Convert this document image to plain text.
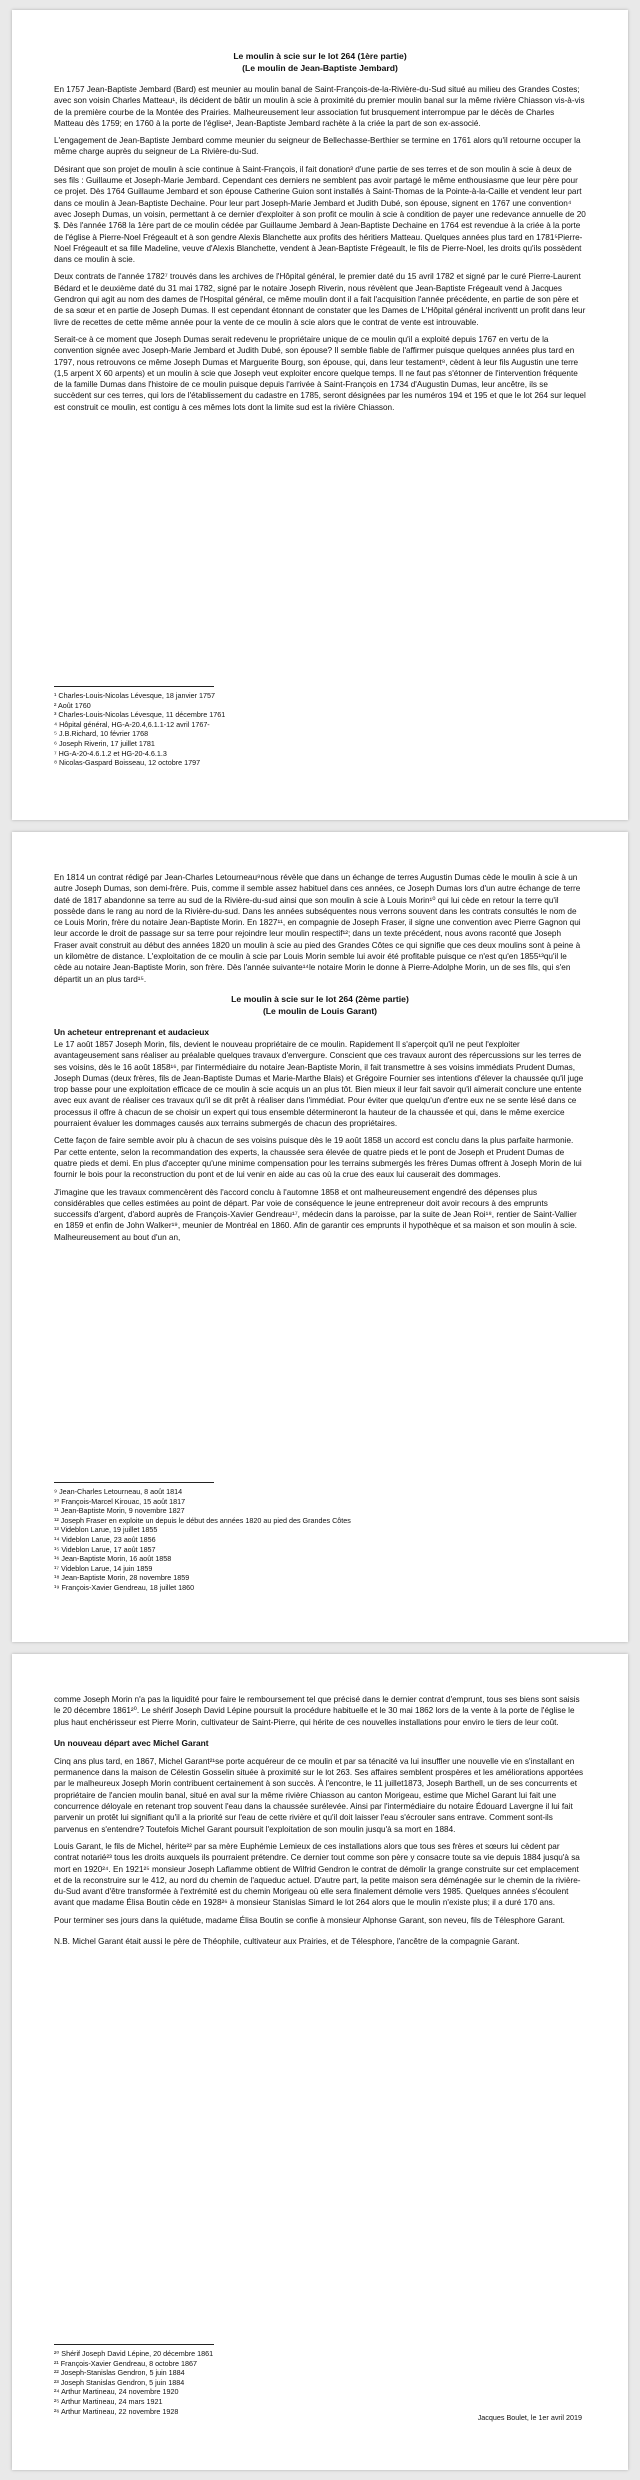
Le moulin à scie sur le lot 264 (1ère partie)
(Le moulin de Jean-Baptiste Jembard)

En 1757 Jean-Baptiste Jembard (Bard) est meunier au moulin banal de Saint-François-de-la-Rivière-du-Sud situé au milieu des Grandes Costes; avec son voisin Charles Matteau¹, ils décident de bâtir un moulin à scie à proximité du premier moulin banal sur la même rivière Chiasson vis-à-vis de la première courbe de la Montée des Prairies. Malheureusement leur association fut brusquement interrompue par le décès de Charles Matteau dès 1759; en 1760 à la porte de l'église², Jean-Baptiste Jembard rachète à la criée la part de son ex-associé.

L'engagement de Jean-Baptiste Jembard comme meunier du seigneur de Bellechasse-Berthier se termine en 1761 alors qu'il retourne occuper la même charge auprès du seigneur de La Rivière-du-Sud.

Désirant que son projet de moulin à scie continue à Saint-François, il fait donation³ d'une partie de ses terres et de son moulin à scie à deux de ses fils : Guillaume et Joseph-Marie Jembard. Cependant ces derniers ne semblent pas avoir partagé le même enthousiasme que leur père pour ce projet. Dès 1764 Guillaume Jembard et son épouse Catherine Guion sont installés à Saint-Thomas de la Pointe-à-la-Caille et vendent leur part dans ce moulin à Jean-Baptiste Dechaine. Pour leur part Joseph-Marie Jembard et Judith Dubé, son épouse, signent en 1767 une convention⁴ avec Joseph Dumas, un voisin, permettant à ce dernier d'exploiter à son profit ce moulin à scie à condition de payer une redevance annuelle de 20 $. Dès l'année 1768 la 1ère part de ce moulin cédée par Guillaume Jembard à Jean-Baptiste Dechaine en 1764 est revendue à la criée à la porte de l'église à Pierre-Noel Frégeault et à son gendre Alexis Blanchette aux profits des héritiers Matteau. Quelques années plus tard en 1781⁵Pierre-Noel Frégeault et sa fille Madeline, veuve d'Alexis Blanchette, vendent à Jean-Baptiste Frégeault, le fils de Pierre-Noel, les droits qu'ils possèdent dans ce moulin à scie.

Deux contrats de l'année 1782⁷ trouvés dans les archives de l'Hôpital général, le premier daté du 15 avril 1782 et signé par le curé Pierre-Laurent Bédard et le deuxième daté du 31 mai 1782, signé par le notaire Joseph Riverin, nous révèlent que Jean-Baptiste Frégeault vend à Jacques Gendron qui agit au nom des dames de l'Hospital général, ce même moulin dont il a fait l'acquisition l'année précédente, en partie de son père et de sa sœur et en partie de Joseph Dumas. Il est cependant étonnant de constater que les Dames de L'Hôpital général incriventt un profit dans leur livre de recettes de cette même année pour la vente de ce moulin à scie alors que le contrat de vente est introuvable.

Serait-ce à ce moment que Joseph Dumas serait redevenu le propriétaire unique de ce moulin qu'il a exploité depuis 1767 en vertu de la convention signée avec Joseph-Marie Jembard et Judith Dubé, son épouse? Il semble fiable de l'affirmer puisque quelques années plus tard en 1797, nous retrouvons ce même Joseph Dumas et Marguerite Bourg, son épouse, qui, dans leur testament⁸, cèdent à leur fils Augustin une terre (1,5 arpent X 60 arpents) et un moulin à scie que Joseph veut exploiter encore quelque temps. Il ne faut pas s'étonner de l'intervention fréquente de la famille Dumas dans l'histoire de ce moulin puisque depuis l'arrivée à Saint-François en 1734 d'Augustin Dumas, leur ancêtre, ils se succèdent sur ces terres, qui lors de l'établissement du cadastre en 1785, seront désignées par les numéros 194 et 195 et que le lot 264 sur lequel est construit ce moulin, est contigu à ces mêmes lots dont la limite sud est la rivière Chiasson.

¹ Charles-Louis-Nicolas Lévesque, 18 janvier 1757
² Août 1760
³ Charles-Louis-Nicolas Lévesque, 11 décembre 1761
⁴ Hôpital général, HG-A-20.4,6.1.1-12 avril 1767-
⁵ J.B.Richard, 10 février 1768
⁶ Joseph Riverin, 17 juillet 1781
⁷ HG-A-20-4.6.1.2 et HG-20-4.6.1.3
⁸ Nicolas-Gaspard Boisseau, 12 octobre 1797

En 1814 un contrat rédigé par Jean-Charles Letourneau⁹nous révèle que dans un échange de terres Augustin Dumas cède le moulin à scie à un autre Joseph Dumas, son demi-frère. Puis, comme il semble assez habituel dans ces années, ce Joseph Dumas lors d'un autre échange de terre daté de 1817 abandonne sa terre au sud de la Rivière-du-sud ainsi que son moulin à scie à Louis Morin¹⁰ qui lui cède en retour la terre qu'il possède dans le rang au nord de la Rivière-du-sud. Dans les années subséquentes nous verrons souvent dans les contrats consultés le nom de ce Louis Morin, frère du notaire Jean-Baptiste Morin. En 1827¹¹, en compagnie de Joseph Fraser, il signe une convention avec Pierre Gagnon qui leur accorde le droit de passage sur sa terre pour rejoindre leur moulin respectif¹²; dans un texte précédent, nous avons raconté que Joseph Fraser avait construit au début des années 1820 un moulin à scie au pied des Grandes Côtes ce qui signifie que ces deux moulins sont à peine à un kilomètre de distance. L'exploitation de ce moulin à scie par Louis Morin semble lui avoir été profitable puisque ce n'est qu'en 1855¹³qu'il le cède au notaire Jean-Baptiste Morin, son frère. Dès l'année suivante¹⁴le notaire Morin le donne à Pierre-Adolphe Morin, un de ses fils, qui s'en départit un an plus tard¹⁵.

Le moulin à scie sur le lot 264 (2ème partie)
(Le moulin de Louis Garant)
Un acheteur entreprenant et audacieux

Le 17 août 1857 Joseph Morin, fils, devient le nouveau propriétaire de ce moulin. Rapidement Il s'aperçoit qu'il ne peut l'exploiter avantageusement sans réaliser au préalable quelques travaux d'envergure. Conscient que ces travaux auront des répercussions sur les terres de ses voisins, dès le 16 août 1858¹⁶, par l'intermédiaire du notaire Jean-Baptiste Morin, il fait transmettre à ses voisins immédiats Prudent Dumas, Joseph Dumas (deux frères, fils de Jean-Baptiste Dumas et Marie-Marthe Blais) et Grégoire Fournier ses intentions d'élever la chaussée qu'il juge trop basse pour une exploitation efficace de ce moulin à scie acquis un an plus tôt. Bien mieux il leur fait savoir qu'il aimerait conclure une entente avec eux avant de réaliser ces travaux qu'il se dit prêt à réaliser dans l'immédiat. Pour éviter que quelqu'un d'entre eux ne se sente lésé dans ce processus il offre à chacun de se choisir un expert qui tous ensemble détermineront la hauteur de la chaussée et qui, dans le même exercice pourraient évaluer les dommages causés aux terrains submergés de chacun des propriétaires.

Cette façon de faire semble avoir plu à chacun de ses voisins puisque dès le 19 août 1858 un accord est conclu dans la plus parfaite harmonie. Par cette entente, selon la recommandation des experts, la chaussée sera élevée de quatre pieds et le pont de Joseph et Prudent Dumas de quatre pieds et demi. En plus d'accepter qu'une minime compensation pour les terrains submergés les frères Dumas offrent à Joseph Morin de lui fournir le bois pour la reconstruction du pont et de lui venir en aide au cas où la crue des eaux lui causerait des dommages.

J'imagine que les travaux commencèrent dès l'accord conclu à l'automne 1858 et ont malheureusement engendré des dépenses plus considérables que celles estimées au point de départ. Par voie de conséquence le jeune entrepreneur doit avoir recours à des emprunts successifs d'argent, d'abord auprès de François-Xavier Gendreau¹⁷, médecin dans la paroisse, par la suite de Jean Roi¹⁸, rentier de Saint-Vallier en 1859 et enfin de John Walker¹⁹, meunier de Montréal en 1860. Afin de garantir ces emprunts il hypothèque et sa maison et son moulin à scie. Malheureusement au bout d'un an,

⁹ Jean-Charles Letourneau, 8 août 1814
¹⁰ François-Marcel Kirouac, 15 août 1817
¹¹ Jean-Baptiste Morin, 9 novembre 1827
¹² Joseph Fraser en exploite un depuis le début des années 1820 au pied des Grandes Côtes
¹³ Videblon Larue, 19 juillet 1855
¹⁴ Videblon Larue, 23 août 1856
¹⁵ Videblon Larue, 17 août 1857
¹⁶ Jean-Baptiste Morin, 16 août 1858
¹⁷ Videblon Larue, 14 juin 1859
¹⁸ Jean-Baptiste Morin, 28 novembre 1859
¹⁹ François-Xavier Gendreau, 18 juillet 1860

comme Joseph Morin n'a pas la liquidité pour faire le remboursement tel que précisé dans le dernier contrat d'emprunt, tous ses biens sont saisis le 20 décembre 1861²⁰. Le shérif Joseph David Lépine poursuit la procédure habituelle et le 30 mai 1862 lors de la vente à la porte de l'église le plus haut enchérisseur est Pierre Morin, cultivateur de Saint-Pierre, qui hérite de ces nouvelles installations pour enviro le tiers de leur coût.

Un nouveau départ avec Michel Garant

Cinq ans plus tard, en 1867, Michel Garant²¹se porte acquéreur de ce moulin et par sa ténacité va lui insuffler une nouvelle vie en s'installant en permanence dans la maison de Célestin Gosselin située à proximité sur le lot 263. Ses affaires semblent prospères et les améliorations apportées par le malheureux Joseph Morin contribuent certainement à son succès. À l'encontre, le 11 juillet1873, Joseph Barthell, un de ses concurrents et propriétaire de l'ancien moulin banal, situé en aval sur la même rivière Chiasson au canton Morigeau, estime que Michel Garant lui fait une concurrence déloyale en retenant trop souvent l'eau dans la chaussée surélevée. Ainsi par l'intermédiaire du notaire Édouard Lavergne il lui fait parvenir un protêt lui signifiant qu'il a la priorité sur l'eau de cette rivière et qu'il doit laisser l'eau s'écrouler sans entrave. Comment sont-ils parvenus en s'entendre? Toutefois Michel Garant poursuit l'exploitation de son moulin jusqu'à sa mort en 1884.

Louis Garant, le fils de Michel, hérite²² par sa mère Euphémie Lemieux de ces installations alors que tous ses frères et sœurs lui cèdent par contrat notarié²³ tous les droits auxquels ils pourraient prétendre. Ce dernier tout comme son père y consacre toute sa vie depuis 1884 jusqu'à sa mort en 1920²⁴. En 1921²⁵ monsieur Joseph Laflamme obtient de Wilfrid Gendron le contrat de démolir la grange construite sur cet emplacement et de la reconstruire sur le 412, au nord du chemin de l'aqueduc actuel. D'autre part, la petite maison sera déménagée sur le chemin de la rivière-du-Sud avant d'être transformée à l'extrémité est du chemin Morigeau où elle sera finalement démolie vers 1985. Quelques années s'écoulent avant que madame Élisa Boutin cède en 1928²⁶ à monsieur Stanislas Simard le lot 264 alors que le moulin n'existe plus; il a duré 170 ans.

Pour terminer ses jours dans la quiétude, madame Élisa Boutin se confie à monsieur Alphonse Garant, son neveu, fils de Télesphore Garant.

N.B. Michel Garant était aussi le père de Théophile, cultivateur aux Prairies, et de Télesphore, l'ancêtre de la compagnie Garant.

²⁰ Shérif Joseph David Lépine, 20 décembre 1861
²¹ François-Xavier Gendreau, 8 octobre 1867
²² Joseph-Stanislas Gendron, 5 juin 1884
²³ Joseph Stanislas Gendron, 5 juin 1884
²⁴ Arthur Martineau, 24 novembre 1920
²⁵ Arthur Martineau, 24 mars 1921
²⁶ Arthur Martineau, 22 novembre 1928
Jacques Boulet, le 1er avril 2019
